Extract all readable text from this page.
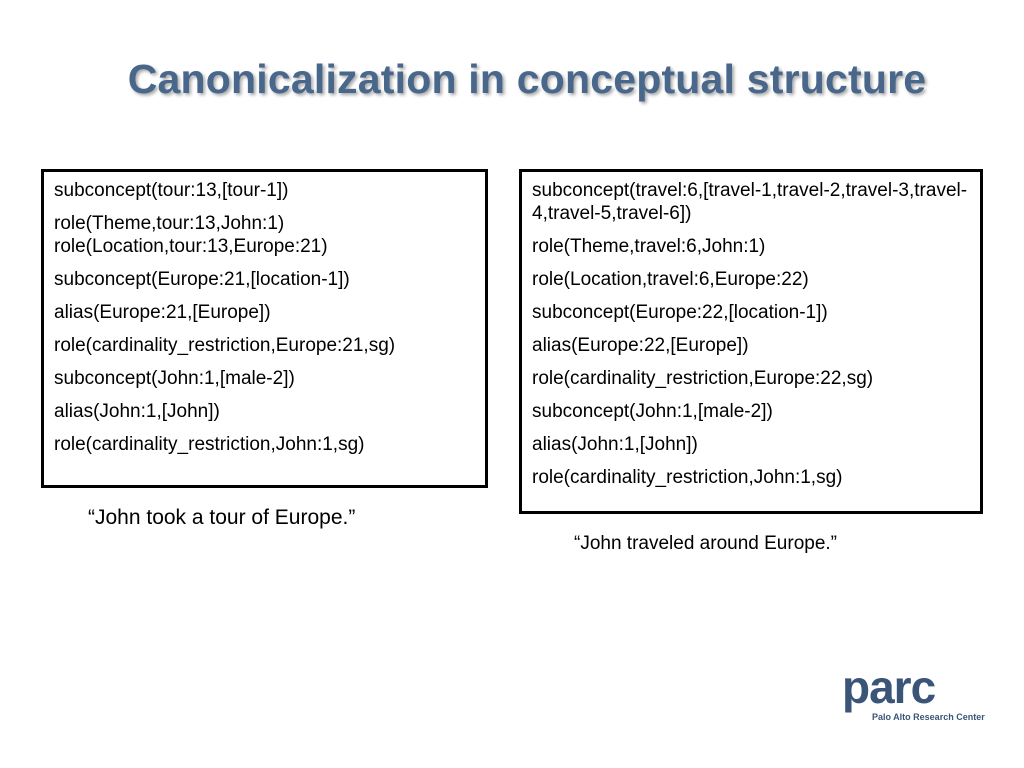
Canonicalization in conceptual structure
subconcept(tour:13,[tour-1])
role(Theme,tour:13,John:1)
role(Location,tour:13,Europe:21)
subconcept(Europe:21,[location-1])
alias(Europe:21,[Europe])
role(cardinality_restriction,Europe:21,sg)
subconcept(John:1,[male-2])
alias(John:1,[John])
role(cardinality_restriction,John:1,sg)
“John took a tour of Europe.”
subconcept(travel:6,[travel-1,travel-2,travel-3,travel-4,travel-5,travel-6])
role(Theme,travel:6,John:1)
role(Location,travel:6,Europe:22)
subconcept(Europe:22,[location-1])
alias(Europe:22,[Europe])
role(cardinality_restriction,Europe:22,sg)
subconcept(John:1,[male-2])
alias(John:1,[John])
role(cardinality_restriction,John:1,sg)
“John traveled around Europe.”
parc
Palo Alto Research Center
